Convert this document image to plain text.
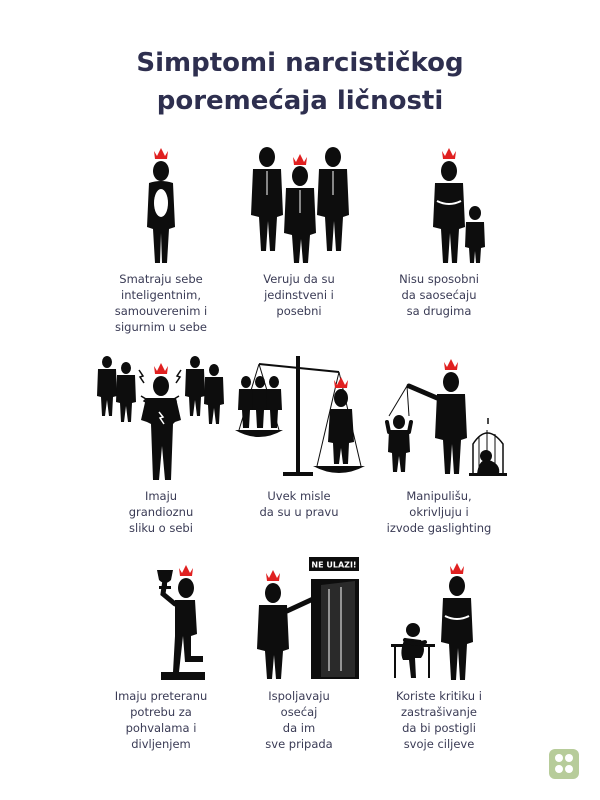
Simptomi narcističkog
poremećaja ličnosti
Smatraju sebe
inteligentnim,
samouverenim i
sigurnim u sebe
Veruju da su
jedinstveni i
posebni
Nisu sposobni
da saosećaju
sa drugima
Imaju
grandioznu
sliku o sebi
Uvek misle
da su u pravu
Manipulišu,
okrivljuju i
izvode gaslighting
Imaju preteranu
potrebu za
pohvalama i
divljenjem
NE ULAZI!
Ispoljavaju
osećaj
da im
sve pripada
Koriste kritiku i
zastrašivanje
da bi postigli
svoje ciljeve
